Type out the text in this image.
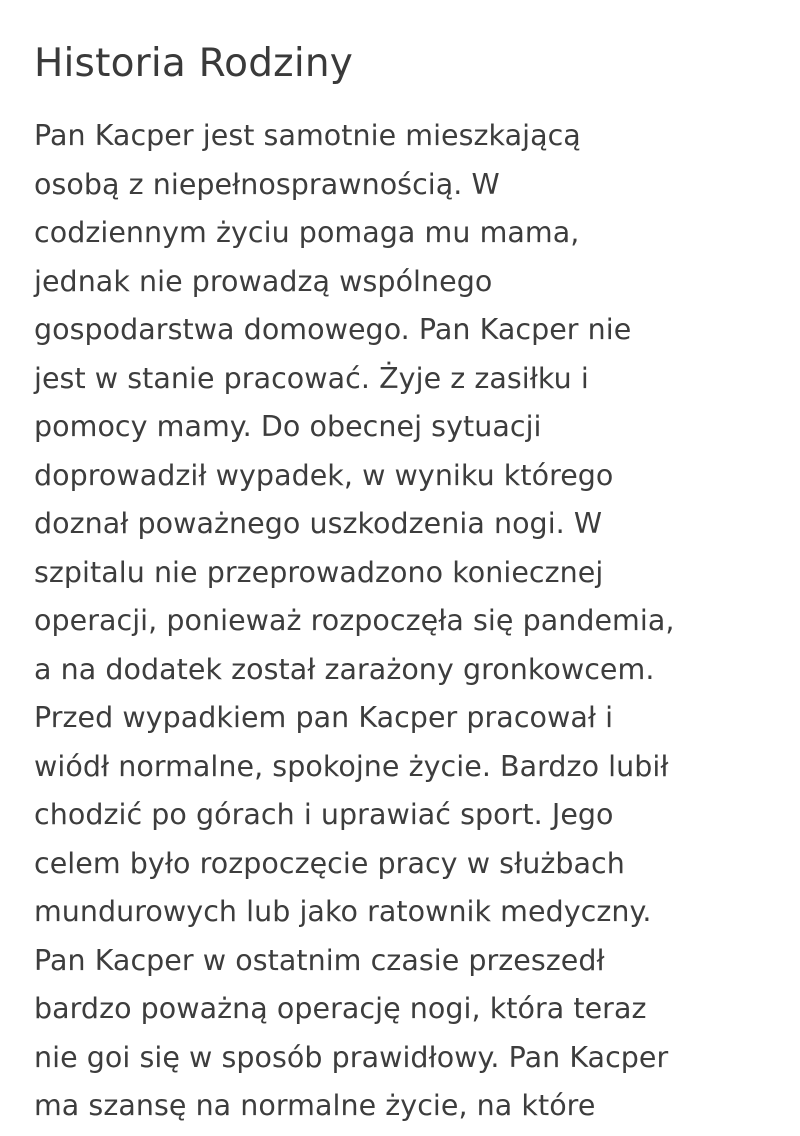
Historia Rodziny
Pan Kacper jest samotnie mieszkającą
osobą z niepełnosprawnością. W
codziennym życiu pomaga mu mama,
jednak nie prowadzą wspólnego
gospodarstwa domowego. Pan Kacper nie
jest w stanie pracować. Żyje z zasiłku i
pomocy mamy. Do obecnej sytuacji
doprowadził wypadek, w wyniku którego
doznał poważnego uszkodzenia nogi. W
szpitalu nie przeprowadzono koniecznej
operacji, ponieważ rozpoczęła się pandemia,
a na dodatek został zarażony gronkowcem.
Przed wypadkiem pan Kacper pracował i
wiódł normalne, spokojne życie. Bardzo lubił
chodzić po górach i uprawiać sport. Jego
celem było rozpoczęcie pracy w służbach
mundurowych lub jako ratownik medyczny.
Pan Kacper w ostatnim czasie przeszedł
bardzo poważną operację nogi, która teraz
nie goi się w sposób prawidłowy. Pan Kacper
ma szansę na normalne życie, na które
